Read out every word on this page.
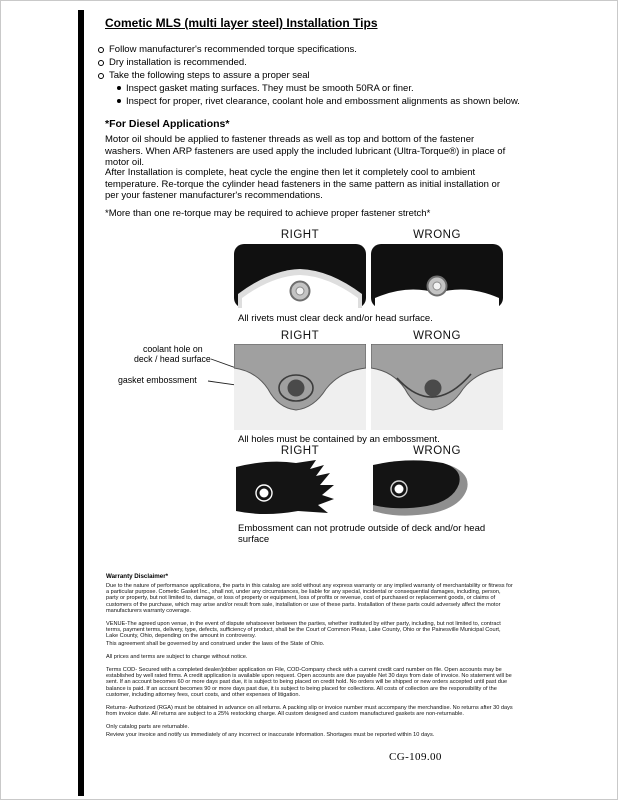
Cometic MLS (multi layer steel) Installation Tips
Follow manufacturer's recommended torque specifications.
Dry installation is recommended.
Take the following steps to assure a proper seal
Inspect gasket mating surfaces. They must be smooth 50RA or finer.
Inspect for proper, rivet clearance, coolant hole and embossment alignments as shown below.
*For Diesel Applications*
Motor oil should be applied to fastener threads as well as top and bottom of the fastener washers. When ARP fasteners are used apply the included lubricant (Ultra-Torque®) in place of motor oil.
After Installation is complete, heat cycle the engine then let it completely cool to ambient temperature. Re-torque the cylinder head fasteners in the same pattern as initial installation or per your fastener manufacturer's recommendations.
*More than one re-torque may be required to achieve proper fastener stretch*
RIGHT	WRONG
All rivets must clear deck and/or head surface.
coolant hole on
deck / head surface
gasket embossment
RIGHT	WRONG
All holes must be contained by an embossment.
RIGHT	WRONG
Embossment can not protrude outside of deck and/or head surface

Warranty Disclaimer*

Due to the nature of performance applications, the parts in this catalog are sold without any express warranty or any implied warranty of merchantability or fitness for a particular purpose. Cometic Gasket Inc., shall not, under any circumstances, be liable for any special, incidental or consequential damages, including, person, party or property, but not limited to, damage, or loss of property or equipment, loss of profits or revenue, cost of purchased or replacement goods, or claims of customers of the purchase, which may arise and/or result from sale, installation or use of these parts. Installation of these parts could adversely affect the motor manufacturers warranty coverage.

VENUE-The agreed upon venue, in the event of dispute whatsoever between the parties, whether instituted by either party, including, but not limited to, contract terms, payment terms, delivery, type, defects, sufficiency of product, shall be the Court of Common Pleas, Lake County, Ohio or the Painesville Municipal Court, Lake County, Ohio, depending on the amount in controversy.

This agreement shall be governed by and construed under the laws of the State of Ohio.

All prices and terms are subject to change without notice.

Terms COD- Secured with a completed dealer/jobber application on File, COD-Company check with a current credit card number on file. Open accounts may be established by well rated firms. A credit application is available upon request. Open accounts are due payable Net 30 days from date of invoice. No statement will be sent. If an account becomes 60 or more days past due, it is subject to being placed on credit hold. No orders will be shipped or new orders accepted until past due balance is paid. If an account becomes 90 or more days past due, it is subject to being placed for collections. All costs of collection are the responsibility of the customer, including attorney fees, court costs, and other expenses of litigation.

Returns- Authorized (RGA) must be obtained in advance on all returns. A packing slip or invoice number must accompany the merchandise. No returns after 30 days from invoice date. All returns are subject to a 25% restocking charge. All custom designed and custom manufactured gaskets are non-returnable.

Only catalog parts are returnable.

Review your invoice and notify us immediately of any incorrect or inaccurate information. Shortages must be reported within 10 days.

CG-109.00
